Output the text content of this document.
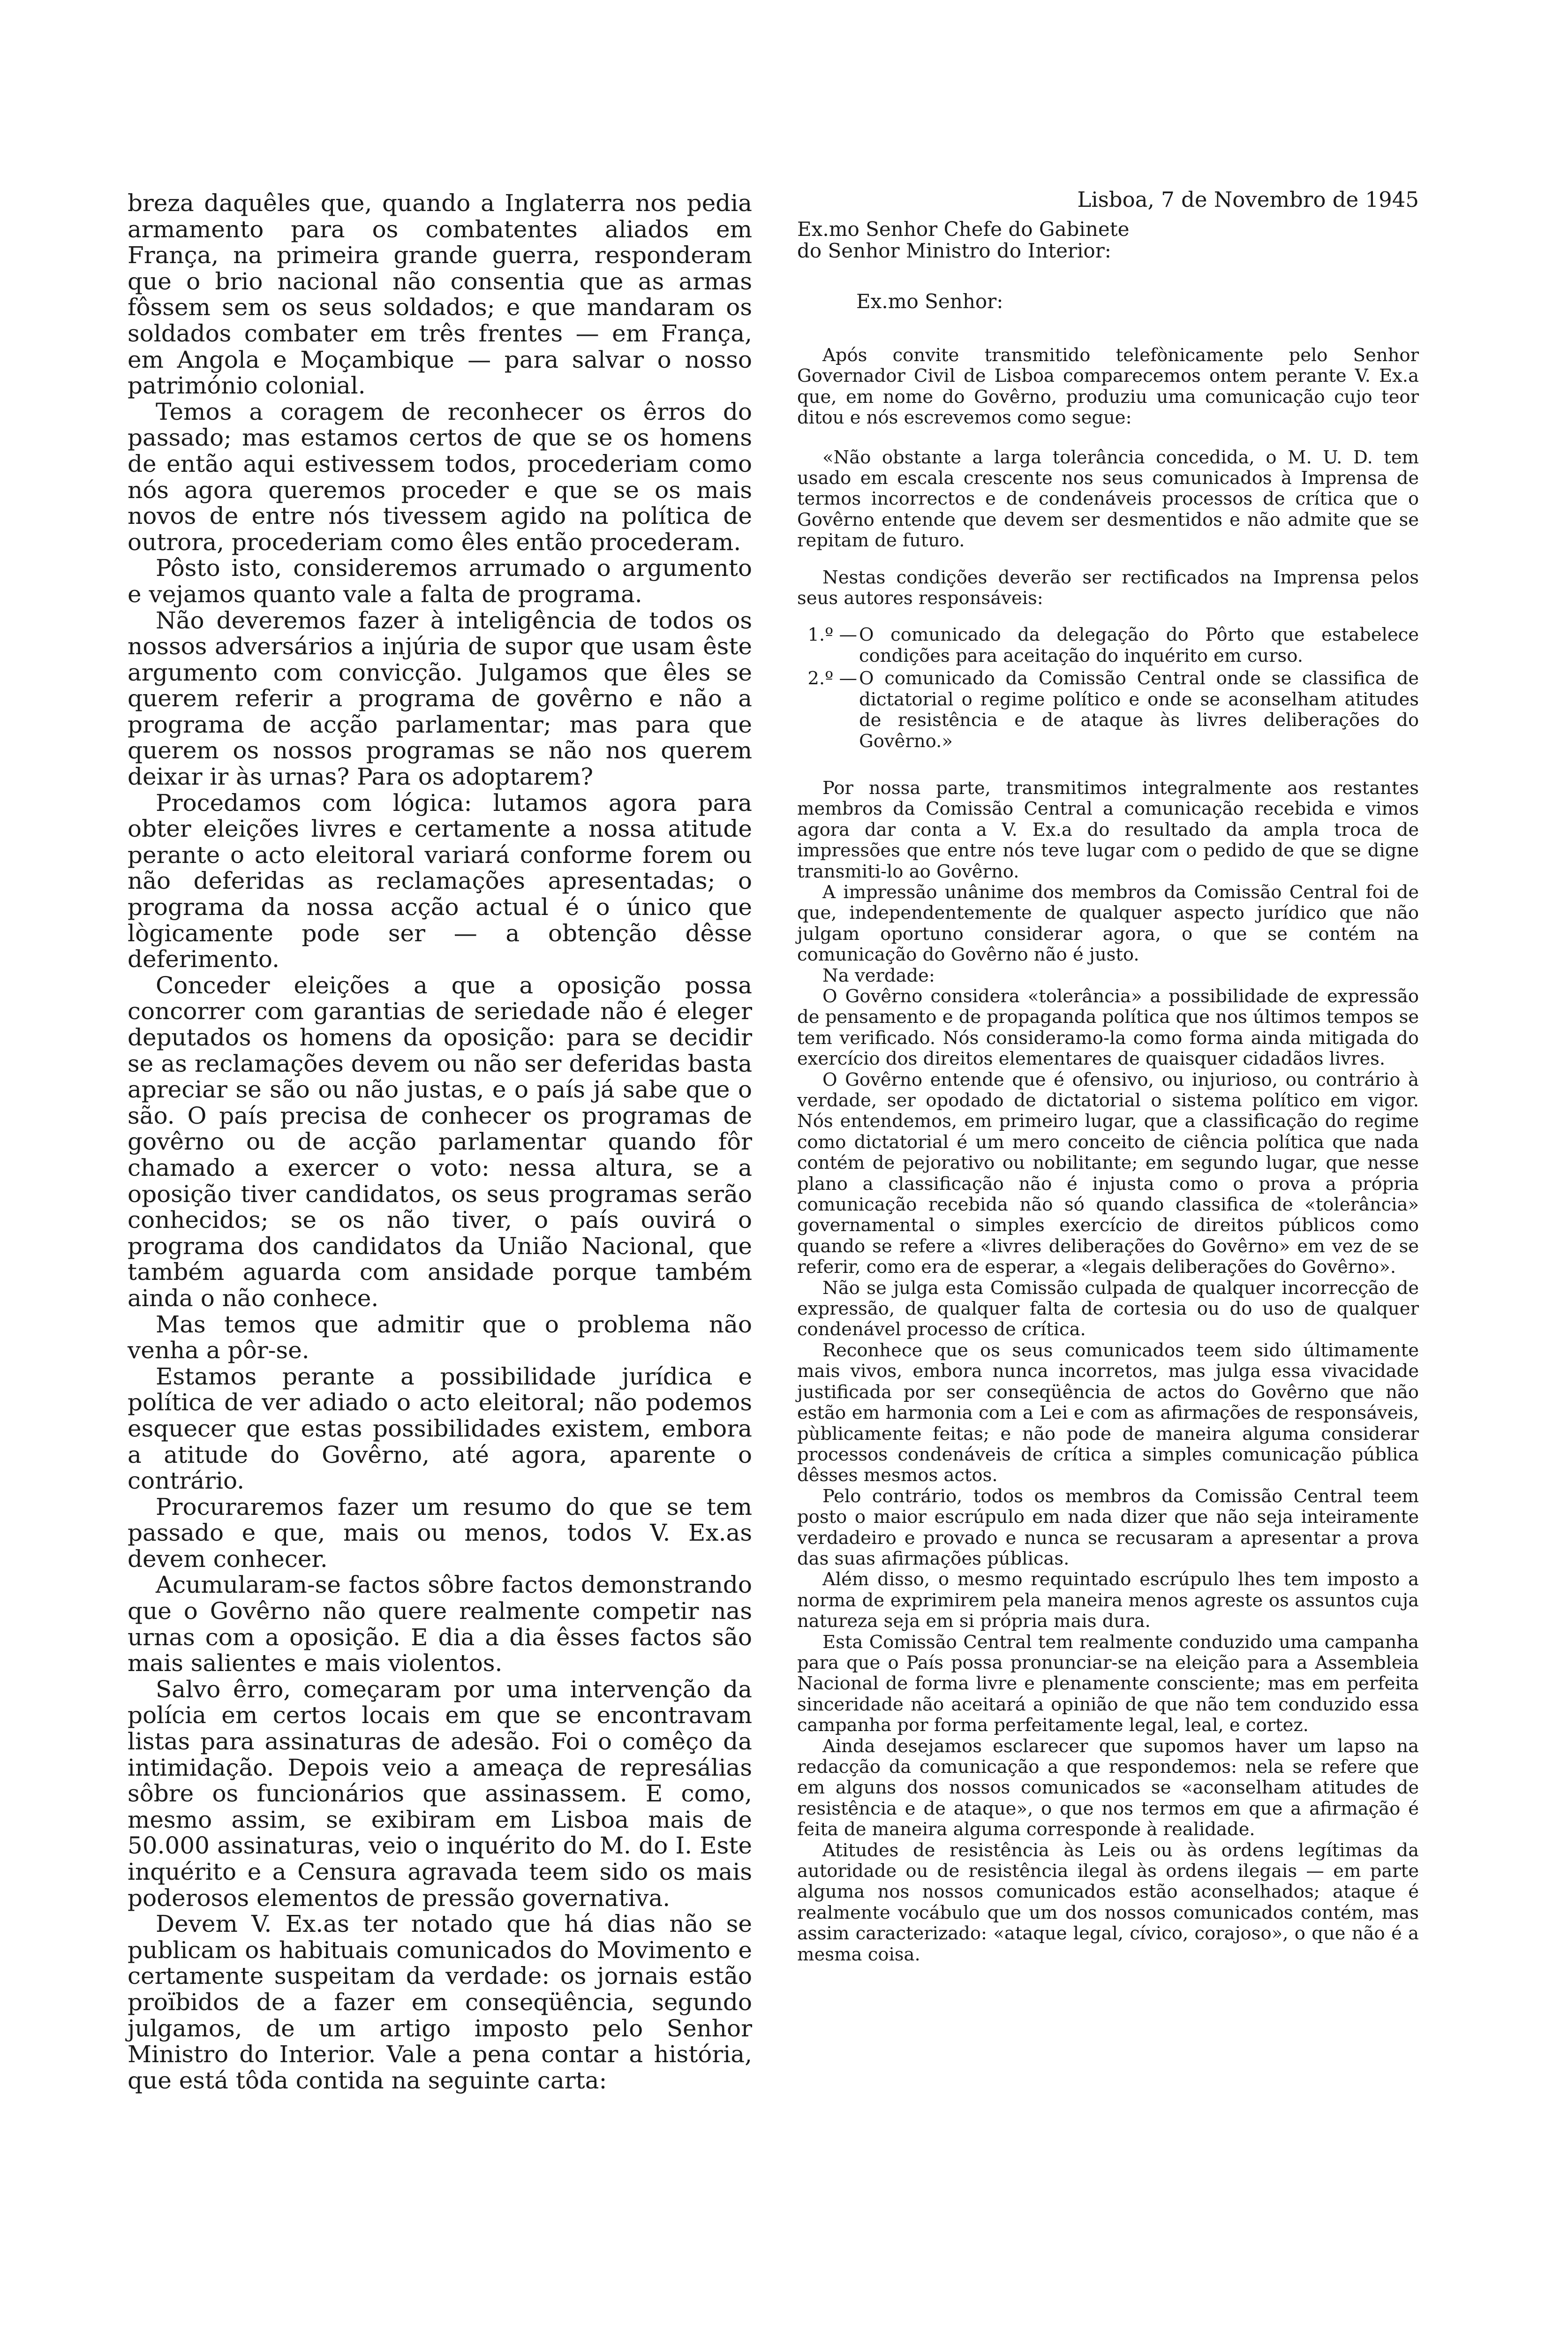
breza daquêles que, quando a Inglaterra nos pedia armamento para os combatentes aliados em França, na primeira grande guerra, responderam que o brio nacional não consentia que as armas fôssem sem os seus soldados; e que mandaram os soldados combater em três frentes — em França, em Angola e Moçambique — para salvar o nosso património colonial.

Temos a coragem de reconhecer os êrros do passado; mas estamos certos de que se os homens de então aqui estivessem todos, procederiam como nós agora queremos proceder e que se os mais novos de entre nós tivessem agido na política de outrora, procederiam como êles então procederam.

Pôsto isto, consideremos arrumado o argumento e vejamos quanto vale a falta de programa.

Não deveremos fazer à inteligência de todos os nossos adversários a injúria de supor que usam êste argumento com convicção. Julgamos que êles se querem referir a programa de govêrno e não a programa de acção parlamentar; mas para que querem os nossos programas se não nos querem deixar ir às urnas? Para os adoptarem?

Procedamos com lógica: lutamos agora para obter eleições livres e certamente a nossa atitude perante o acto eleitoral variará conforme forem ou não deferidas as reclamações apresentadas; o programa da nossa acção actual é o único que lògicamente pode ser — a obtenção dêsse deferimento.

Conceder eleições a que a oposição possa concorrer com garantias de seriedade não é eleger deputados os homens da oposição: para se decidir se as reclamações devem ou não ser deferidas basta apreciar se são ou não justas, e o país já sabe que o são. O país precisa de conhecer os programas de govêrno ou de acção parlamentar quando fôr chamado a exercer o voto: nessa altura, se a oposição tiver candidatos, os seus programas serão conhecidos; se os não tiver, o país ouvirá o programa dos candidatos da União Nacional, que também aguarda com ansidade porque também ainda o não conhece.

Mas temos que admitir que o problema não venha a pôr-se.

Estamos perante a possibilidade jurídica e política de ver adiado o acto eleitoral; não podemos esquecer que estas possibilidades existem, embora a atitude do Govêrno, até agora, aparente o contrário.

Procuraremos fazer um resumo do que se tem passado e que, mais ou menos, todos V. Ex.as devem conhecer.

Acumularam-se factos sôbre factos demonstrando que o Govêrno não quere realmente competir nas urnas com a oposição. E dia a dia êsses factos são mais salientes e mais violentos.

Salvo êrro, começaram por uma intervenção da polícia em certos locais em que se encontravam listas para assinaturas de adesão. Foi o comêço da intimidação. Depois veio a ameaça de represálias sôbre os funcionários que assinassem. E como, mesmo assim, se exibiram em Lisboa mais de 50.000 assinaturas, veio o inquérito do M. do I. Este inquérito e a Censura agravada teem sido os mais poderosos elementos de pressão governativa.

Devem V. Ex.as ter notado que há dias não se publicam os habituais comunicados do Movimento e certamente suspeitam da verdade: os jornais estão proïbidos de a fazer em conseqüência, segundo julgamos, de um artigo imposto pelo Senhor Ministro do Interior. Vale a pena contar a história, que está tôda contida na seguinte carta:

Lisboa, 7 de Novembro de 1945

Ex.mo Senhor Chefe do Gabinete

do Senhor Ministro do Interior:

Ex.mo Senhor:

Após convite transmitido telefònicamente pelo Senhor Governador Civil de Lisboa comparecemos ontem perante V. Ex.a que, em nome do Govêrno, produziu uma comunicação cujo teor ditou e nós escrevemos como segue:

«Não obstante a larga tolerância concedida, o M. U. D. tem usado em escala crescente nos seus comunicados à Imprensa de termos incorrectos e de condenáveis processos de crítica que o Govêrno entende que devem ser desmentidos e não admite que se repitam de futuro.

Nestas condições deverão ser rectificados na Imprensa pelos seus autores responsáveis:

1.º — O comunicado da delegação do Pôrto que estabelece condições para aceitação do inquérito em curso.
2.º — O comunicado da Comissão Central onde se classifica de dictatorial o regime político e onde se aconselham atitudes de resistência e de ataque às livres deliberações do Govêrno.»

Por nossa parte, transmitimos integralmente aos restantes membros da Comissão Central a comunicação recebida e vimos agora dar conta a V. Ex.a do resultado da ampla troca de impressões que entre nós teve lugar com o pedido de que se digne transmiti-lo ao Govêrno.

A impressão unânime dos membros da Comissão Central foi de que, independentemente de qualquer aspecto jurídico que não julgam oportuno considerar agora, o que se contém na comunicação do Govêrno não é justo.

Na verdade:

O Govêrno considera «tolerância» a possibilidade de expressão de pensamento e de propaganda política que nos últimos tempos se tem verificado. Nós consideramo-la como forma ainda mitigada do exercício dos direitos elementares de quaisquer cidadãos livres.

O Govêrno entende que é ofensivo, ou injurioso, ou contrário à verdade, ser opodado de dictatorial o sistema político em vigor. Nós entendemos, em primeiro lugar, que a classificação do regime como dictatorial é um mero conceito de ciência política que nada contém de pejorativo ou nobilitante; em segundo lugar, que nesse plano a classificação não é injusta como o prova a própria comunicação recebida não só quando classifica de «tolerância» governamental o simples exercício de direitos públicos como quando se refere a «livres deliberações do Govêrno» em vez de se referir, como era de esperar, a «legais deliberações do Govêrno».

Não se julga esta Comissão culpada de qualquer incorrecção de expressão, de qualquer falta de cortesia ou do uso de qualquer condenável processo de crítica.

Reconhece que os seus comunicados teem sido últimamente mais vivos, embora nunca incorretos, mas julga essa vivacidade justificada por ser conseqüência de actos do Govêrno que não estão em harmonia com a Lei e com as afirmações de responsáveis, pùblicamente feitas; e não pode de maneira alguma considerar processos condenáveis de crítica a simples comunicação pública dêsses mesmos actos.

Pelo contrário, todos os membros da Comissão Central teem posto o maior escrúpulo em nada dizer que não seja inteiramente verdadeiro e provado e nunca se recusaram a apresentar a prova das suas afirmações públicas.

Além disso, o mesmo requintado escrúpulo lhes tem imposto a norma de exprimirem pela maneira menos agreste os assuntos cuja natureza seja em si própria mais dura.

Esta Comissão Central tem realmente conduzido uma campanha para que o País possa pronunciar-se na eleição para a Assembleia Nacional de forma livre e plenamente consciente; mas em perfeita sinceridade não aceitará a opinião de que não tem conduzido essa campanha por forma perfeitamente legal, leal, e cortez.

Ainda desejamos esclarecer que supomos haver um lapso na redacção da comunicação a que respondemos: nela se refere que em alguns dos nossos comunicados se «aconselham atitudes de resistência e de ataque», o que nos termos em que a afirmação é feita de maneira alguma corresponde à realidade.

Atitudes de resistência às Leis ou às ordens legítimas da autoridade ou de resistência ilegal às ordens ilegais — em parte alguma nos nossos comunicados estão aconselhados; ataque é realmente vocábulo que um dos nossos comunicados contém, mas assim caracterizado: «ataque legal, cívico, corajoso», o que não é a mesma coisa.
